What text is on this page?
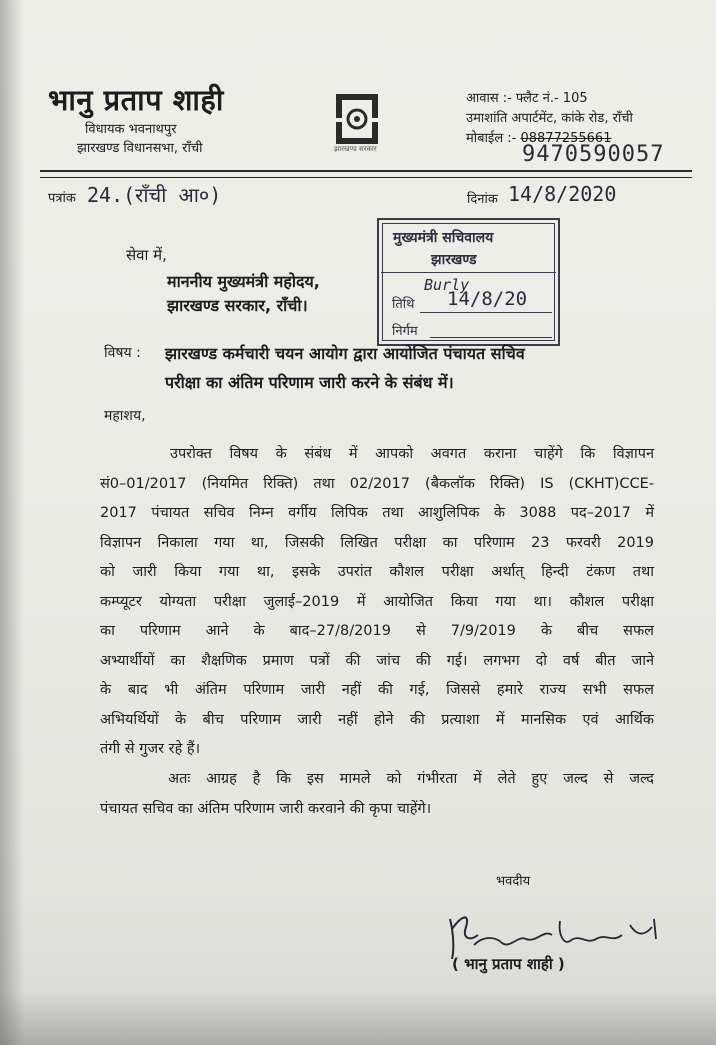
भानु प्रताप शाही
विधायक भवनाथपुर
झारखण्ड विधानसभा, राँची	झारखण्ड सरकार
आवास :- फ्लैट नं.- 105
उमाशांति अपार्टमेंट, कांके रोड, राँची
मोबाईल :- 08877255661
9470590057
पत्रांक 24.(राँची आ०)	दिनांक 14/8/2020
मुख्यमंत्री सचिवालय
झारखण्ड
तिथि
निर्गम
Burly
14/8/20
सेवा में,
माननीय मुख्यमंत्री महोदय,
झारखण्ड सरकार, राँची।
विषय : झारखण्ड कर्मचारी चयन आयोग द्वारा आयोजित पंचायत सचिव
परीक्षा का अंतिम परिणाम जारी करने के संबंध में।
महाशय,
उपरोक्त विषय के संबंध में आपको अवगत कराना चाहेंगे कि विज्ञापन
सं0–01/2017 (नियमित रिक्ति) तथा 02/2017 (बैकलॉक रिक्ति) IS (CKHT)CCE-
2017 पंचायत सचिव निम्न वर्गीय लिपिक तथा आशुलिपिक के 3088 पद–2017 में
विज्ञापन निकाला गया था, जिसकी लिखित परीक्षा का परिणाम 23 फरवरी 2019
को जारी किया गया था, इसके उपरांत कौशल परीक्षा अर्थात् हिन्दी टंकण तथा
कम्प्यूटर योग्यता परीक्षा जुलाई–2019 में आयोजित किया गया था। कौशल परीक्षा
का परिणाम आने के बाद–27/8/2019 से 7/9/2019 के बीच सफल
अभ्यार्थीयों का शैक्षणिक प्रमाण पत्रों की जांच की गई। लगभग दो वर्ष बीत जाने
के बाद भी अंतिम परिणाम जारी नहीं की गई, जिससे हमारे राज्य सभी सफल
अभियर्थियों के बीच परिणाम जारी नहीं होने की प्रत्याशा में मानसिक एवं आर्थिक
तंगी से गुजर रहे हैं।
अतः आग्रह है कि इस मामले को गंभीरता में लेते हुए जल्द से जल्द
पंचायत सचिव का अंतिम परिणाम जारी करवाने की कृपा चाहेंगे।
भवदीय
( भानु प्रताप शाही )
